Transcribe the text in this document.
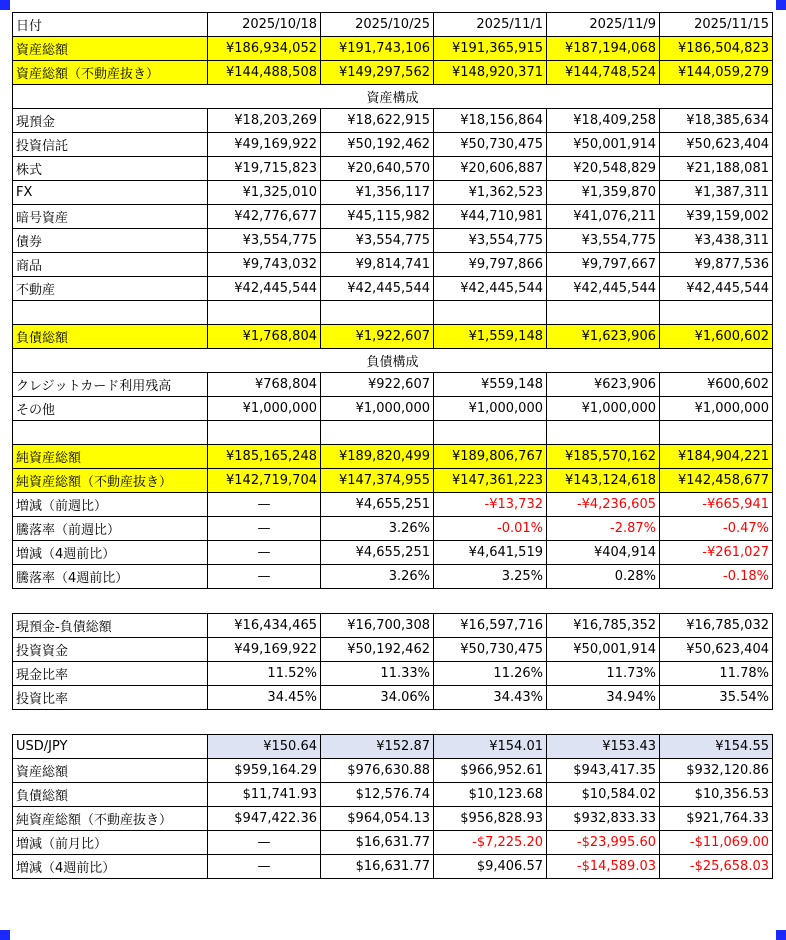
日付	2025/10/18	2025/10/25	2025/11/1	2025/11/9	2025/11/15
資産総額	¥186,934,052	¥191,743,106	¥191,365,915	¥187,194,068	¥186,504,823
資産総額（不動産抜き）	¥144,488,508	¥149,297,562	¥148,920,371	¥144,748,524	¥144,059,279
資産構成					
現預金	¥18,203,269	¥18,622,915	¥18,156,864	¥18,409,258	¥18,385,634
投資信託	¥49,169,922	¥50,192,462	¥50,730,475	¥50,001,914	¥50,623,404
株式	¥19,715,823	¥20,640,570	¥20,606,887	¥20,548,829	¥21,188,081
FX	¥1,325,010	¥1,356,117	¥1,362,523	¥1,359,870	¥1,387,311
暗号資産	¥42,776,677	¥45,115,982	¥44,710,981	¥41,076,211	¥39,159,002
債券	¥3,554,775	¥3,554,775	¥3,554,775	¥3,554,775	¥3,438,311
商品	¥9,743,032	¥9,814,741	¥9,797,866	¥9,797,667	¥9,877,536
不動産	¥42,445,544	¥42,445,544	¥42,445,544	¥42,445,544	¥42,445,544

負債総額	¥1,768,804	¥1,922,607	¥1,559,148	¥1,623,906	¥1,600,602
負債構成					
クレジットカード利用残高	¥768,804	¥922,607	¥559,148	¥623,906	¥600,602
その他	¥1,000,000	¥1,000,000	¥1,000,000	¥1,000,000	¥1,000,000

純資産総額	¥185,165,248	¥189,820,499	¥189,806,767	¥185,570,162	¥184,904,221
純資産総額（不動産抜き）	¥142,719,704	¥147,374,955	¥147,361,223	¥143,124,618	¥142,458,677
増減（前週比）	—	¥4,655,251	-¥13,732	-¥4,236,605	-¥665,941
騰落率（前週比）	—	3.26%	-0.01%	-2.87%	-0.47%
増減（4週前比）	—	¥4,655,251	¥4,641,519	¥404,914	-¥261,027
騰落率（4週前比）	—	3.26%	3.25%	0.28%	-0.18%
現預金-負債総額	¥16,434,465	¥16,700,308	¥16,597,716	¥16,785,352	¥16,785,032
投資資金	¥49,169,922	¥50,192,462	¥50,730,475	¥50,001,914	¥50,623,404
現金比率	11.52%	11.33%	11.26%	11.73%	11.78%
投資比率	34.45%	34.06%	34.43%	34.94%	35.54%
USD/JPY	¥150.64	¥152.87	¥154.01	¥153.43	¥154.55
資産総額	$959,164.29	$976,630.88	$966,952.61	$943,417.35	$932,120.86
負債総額	$11,741.93	$12,576.74	$10,123.68	$10,584.02	$10,356.53
純資産総額（不動産抜き）	$947,422.36	$964,054.13	$956,828.93	$932,833.33	$921,764.33
増減（前月比）	—	$16,631.77	-$7,225.20	-$23,995.60	-$11,069.00
増減（4週前比）	—	$16,631.77	$9,406.57	-$14,589.03	-$25,658.03
